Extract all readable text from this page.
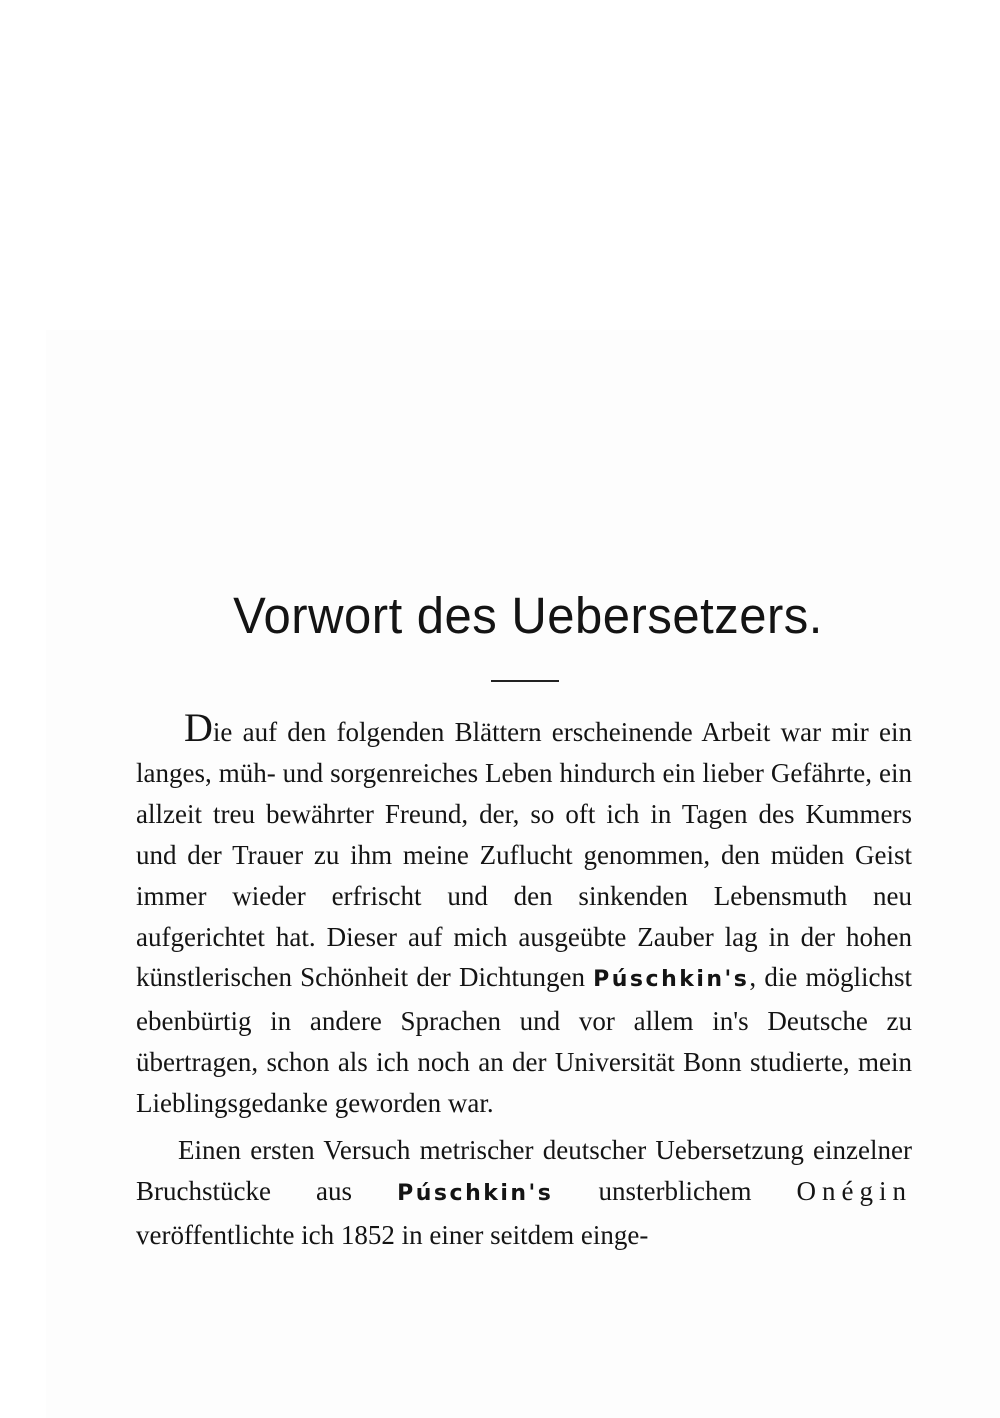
Vorwort des Uebersetzers.

Die auf den folgenden Blättern erscheinende Arbeit war mir ein langes, müh- und sorgenreiches Leben hindurch ein lieber Gefährte, ein allzeit treu bewährter Freund, der, so oft ich in Tagen des Kummers und der Trauer zu ihm meine Zuflucht genommen, den müden Geist immer wieder erfrischt und den sinkenden Lebensmuth neu aufgerichtet hat. Dieser auf mich ausgeübte Zauber lag in der hohen künstlerischen Schönheit der Dichtungen Púschkin's, die möglichst ebenbürtig in andere Sprachen und vor allem in's Deutsche zu übertragen, schon als ich noch an der Universität Bonn studierte, mein Lieblingsgedanke geworden war.

Einen ersten Versuch metrischer deutscher Uebersetzung einzelner Bruchstücke aus Púschkin's unsterblichem Onégin veröffentlichte ich 1852 in einer seitdem einge-
